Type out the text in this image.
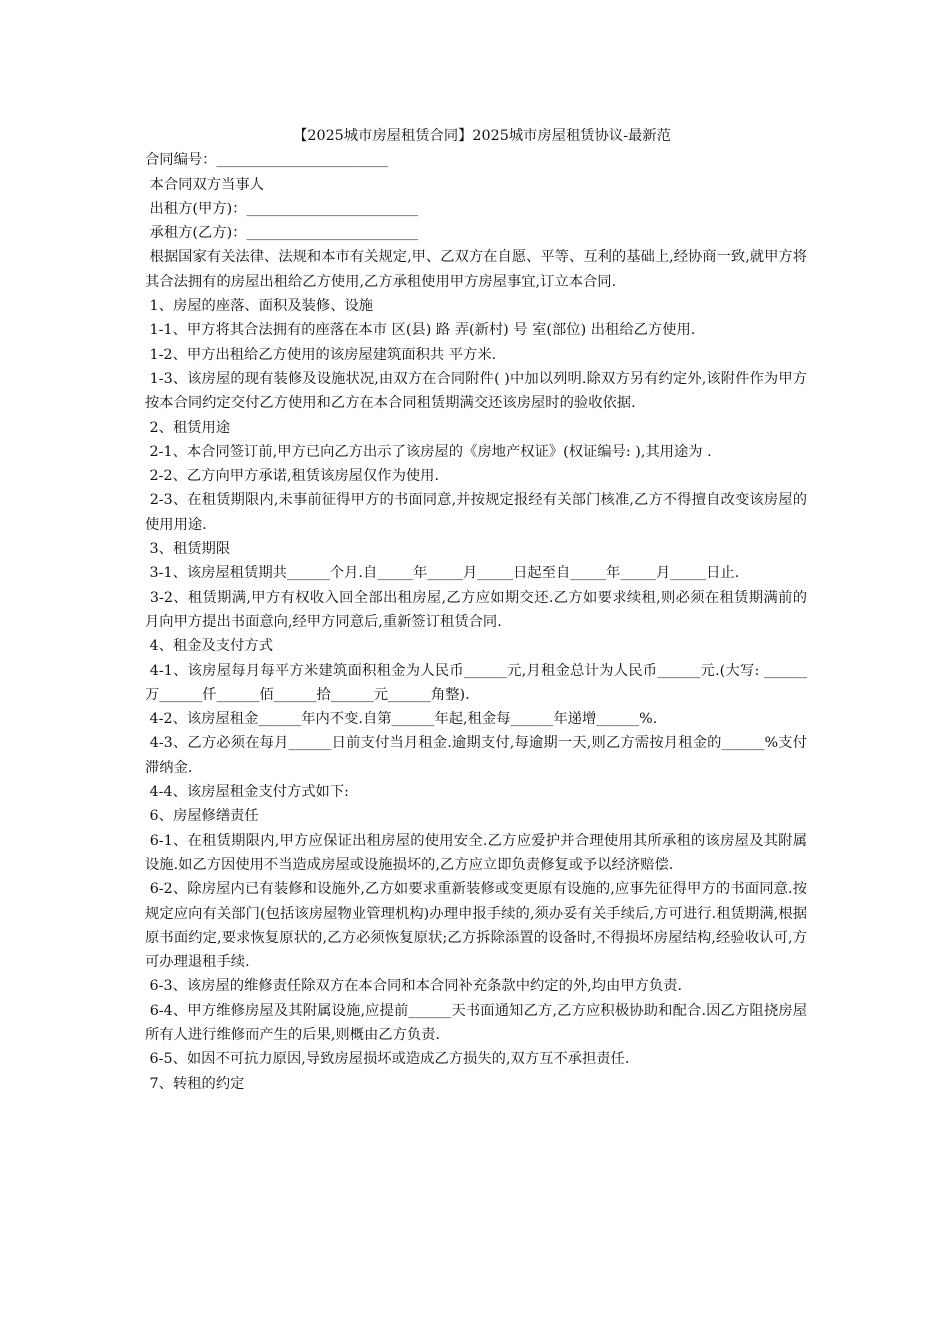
【2025城市房屋租赁合同】2025城市房屋租赁协议-最新范

合同编号：________________________

本合同双方当事人

出租方(甲方)：________________________

承租方(乙方)：________________________

根据国家有关法律、法规和本市有关规定,甲、乙双方在自愿、平等、互利的基础上,经协商一致,就甲方将其合法拥有的房屋出租给乙方使用,乙方承租使用甲方房屋事宜,订立本合同.

1、房屋的座落、面积及装修、设施

1-1、甲方将其合法拥有的座落在本市 区(县) 路 弄(新村) 号 室(部位) 出租给乙方使用.

1-2、甲方出租给乙方使用的该房屋建筑面积共 平方米.

1-3、该房屋的现有装修及设施状况,由双方在合同附件( )中加以列明.除双方另有约定外,该附件作为甲方按本合同约定交付乙方使用和乙方在本合同租赁期满交还该房屋时的验收依据.

2、租赁用途

2-1、本合同签订前,甲方已向乙方出示了该房屋的《房地产权证》(权证编号: ),其用途为 .

2-2、乙方向甲方承诺,租赁该房屋仅作为使用.

2-3、在租赁期限内,未事前征得甲方的书面同意,并按规定报经有关部门核准,乙方不得擅自改变该房屋的使用用途.

3、租赁期限

3-1、该房屋租赁期共______个月.自_____年_____月_____日起至自_____年_____月_____日止.

3-2、租赁期满,甲方有权收入回全部出租房屋,乙方应如期交还.乙方如要求续租,则必须在租赁期满前的 月向甲方提出书面意向,经甲方同意后,重新签订租赁合同.

4、租金及支付方式

4-1、该房屋每月每平方米建筑面积租金为人民币______元,月租金总计为人民币______元.(大写: ______万______仟______佰______拾______元______角整).

4-2、该房屋租金______年内不变.自第______年起,租金每______年递增______%.

4-3、乙方必须在每月______日前支付当月租金.逾期支付,每逾期一天,则乙方需按月租金的______%支付滞纳金.

4-4、该房屋租金支付方式如下:

6、房屋修缮责任

6-1、在租赁期限内,甲方应保证出租房屋的使用安全.乙方应爱护并合理使用其所承租的该房屋及其附属设施.如乙方因使用不当造成房屋或设施损坏的,乙方应立即负责修复或予以经济赔偿.

6-2、除房屋内已有装修和设施外,乙方如要求重新装修或变更原有设施的,应事先征得甲方的书面同意.按规定应向有关部门(包括该房屋物业管理机构)办理申报手续的,须办妥有关手续后,方可进行.租赁期满,根据原书面约定,要求恢复原状的,乙方必须恢复原状;乙方拆除添置的设备时,不得损坏房屋结构,经验收认可,方可办理退租手续.

6-3、该房屋的维修责任除双方在本合同和本合同补充条款中约定的外,均由甲方负责.

6-4、甲方维修房屋及其附属设施,应提前______天书面通知乙方,乙方应积极协助和配合.因乙方阻挠房屋所有人进行维修而产生的后果,则概由乙方负责.

6-5、如因不可抗力原因,导致房屋损坏或造成乙方损失的,双方互不承担责任.

7、转租的约定
